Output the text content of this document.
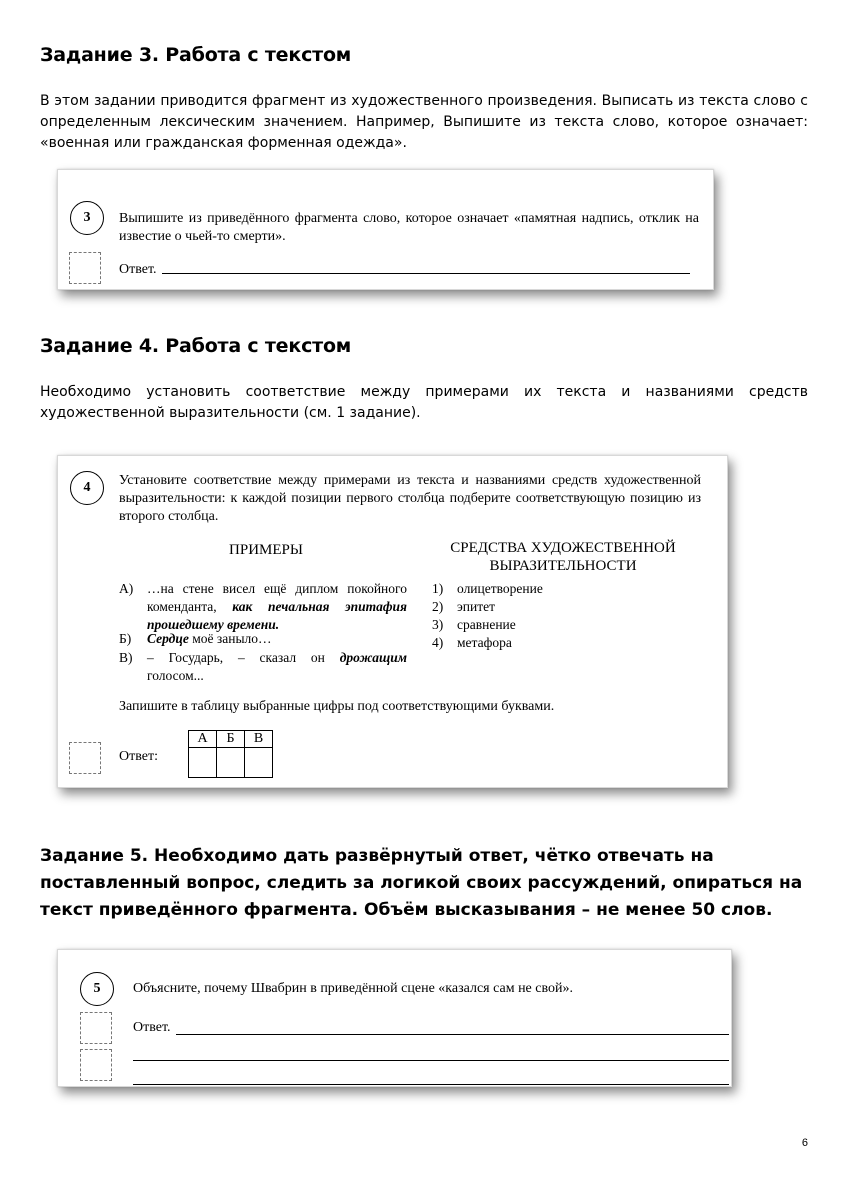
Задание 3. Работа с текстом
В этом задании приводится фрагмент из художественного произведения. Выписать из текста слово с определенным лексическим значением. Например, Выпишите из текста слово, которое означает: «военная или гражданская форменная одежда».
3	Выпишите из приведённого фрагмента слово, которое означает «памятная надпись, отклик на известие о чьей-то смерти».
Ответ.
Задание 4. Работа с текстом
Необходимо установить соответствие между примерами их текста и названиями средств художественной выразительности (см. 1 задание).
4	Установите соответствие между примерами из текста и названиями средств художественной выразительности: к каждой позиции первого столбца подберите соответствующую позицию из второго столбца.
ПРИМЕРЫ	СРЕДСТВА ХУДОЖЕСТВЕННОЙ
ВЫРАЗИТЕЛЬНОСТИ
А) …на стене висел ещё диплом покойного коменданта, как печальная эпитафия прошедшему времени.
Б) Сердце моё заныло…
В) – Государь, – сказал он дрожащим голосом...
1) олицетворение
2) эпитет
3) сравнение
4) метафора
Запишите в таблицу выбранные цифры под соответствующими буквами.
Ответ:
А	Б	В

Задание 5. Необходимо дать развёрнутый ответ, чётко отвечать на поставленный вопрос, следить за логикой своих рассуждений, опираться на текст приведённого фрагмента. Объём высказывания – не менее 50 слов.
5	Объясните, почему Швабрин в приведённой сцене «казался сам не свой».
Ответ.
6
